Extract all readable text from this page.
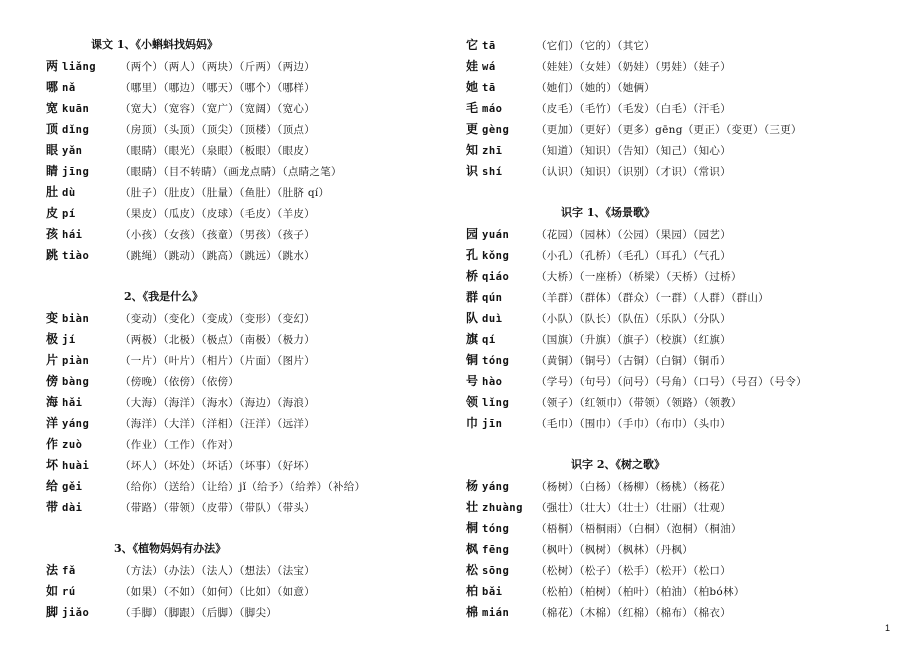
课文 1、《小蝌蚪找妈妈》
两 liǎng （两个）（两人）（两块）（斤两）（两边）
哪 nǎ	（哪里）（哪边）（哪天）（哪个）（哪样）
宽 kuān	（宽大）（宽容）（宽广）（宽阔）（宽心）
顶 dǐng	（房顶）（头顶）（顶尖）（顶楼）（顶点）
眼 yǎn	（眼睛）（眼光）（泉眼）（板眼）（眼皮）
睛 jīng	（眼睛）（目不转睛）（画龙点睛）（点睛之笔）
肚 dù	（肚子）（肚皮）（肚量）（鱼肚）（肚脐 qí）
皮 pí	（果皮）（瓜皮）（皮球）（毛皮）（羊皮）
孩 hái	（小孩）（女孩）（孩童）（男孩）（孩子）
跳 tiào	（跳绳）（跳动）（跳高）（跳远）（跳水）
2、《我是什么》
变 biàn	（变动）（变化）（变成）（变形）（变幻）
极 jí	（两极）（北极）（极点）（南极）（极力）
片 piàn	（一片）（叶片）（相片）（片面）（图片）
傍 bàng	（傍晚）（依傍）（依傍）
海 hǎi	（大海）（海洋）（海水）（海边）（海浪）
洋 yáng	（海洋）（大洋）（洋相）（汪洋）（远洋）
作 zuò	（作业）（工作）（作对）
坏 huài	（坏人）（坏处）（坏话）（坏事）（好坏）
给 gěi	（给你）（送给）（让给）jǐ（给予）（给养）（补给）
带 dài	（带路）（带领）（皮带）（带队）（带头）
3、《植物妈妈有办法》
法 fǎ	（方法）（办法）（法人）（想法）（法宝）
如 rú	（如果）（不如）（如何）（比如）（如意）
脚 jiǎo	（手脚）（脚跟）（后脚）（脚尖）
它 tā	（它们）（它的）（其它）
娃 wá	（娃娃）（女娃）（奶娃）（男娃）（娃子）
她 tā	（她们）（她的）（她俩）
毛 máo	（皮毛）（毛竹）（毛发）（白毛）（汗毛）
更 gèng	（更加）（更好）（更多）gēng（更正）（变更）（三更）
知 zhī	（知道）（知识）（告知）（知己）（知心）
识 shí	（认识）（知识）（识别）（才识）（常识）
识字 1、《场景歌》
园 yuán	（花园）（园林）（公园）（果园）（园艺）
孔 kǒng	（小孔）（孔桥）（毛孔）（耳孔）（气孔）
桥 qiáo	（大桥）（一座桥）（桥梁）（天桥）（过桥）
群 qún	（羊群）（群体）（群众）（一群）（人群）（群山）
队 duì	（小队）（队长）（队伍）（乐队）（分队）
旗 qí	（国旗）（升旗）（旗子）（校旗）（红旗）
铜 tóng	（黄铜）（铜号）（古铜）（白铜）（铜币）
号 hào	（学号）（句号）（问号）（号角）（口号）（号召）（号令）
领 lǐng	（领子）（红领巾）（带领）（领路）（领教）
巾 jīn	（毛巾）（围巾）（手巾）（布巾）（头巾）
识字 2、《树之歌》
杨 yáng	（杨树）（白杨）（杨柳）（杨桃）（杨花）
壮 zhuàng （强壮）（壮大）（壮士）（壮丽）（壮观）
桐 tóng	（梧桐）（梧桐雨）（白桐）（泡桐）（桐油）
枫 fēng	（枫叶）（枫树）（枫林）（丹枫）
松 sōng	（松树）（松子）（松手）（松开）（松口）
柏 bǎi	（松柏）（柏树）（柏叶）（柏油）（柏bó林）
棉 mián	（棉花）（木棉）（红棉）（棉布）（棉衣）
1
